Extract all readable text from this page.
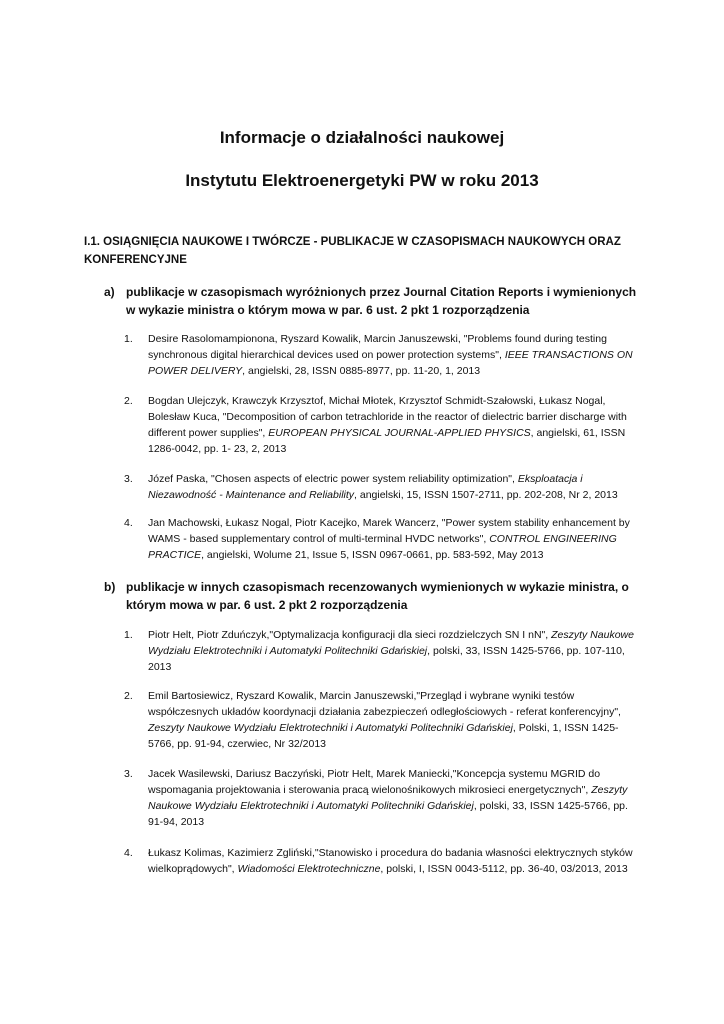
Informacje o działalności naukowej
Instytutu Elektroenergetyki PW w roku 2013
I.1. OSIĄGNIĘCIA NAUKOWE I TWÓRCZE - PUBLIKACJE W CZASOPISMACH NAUKOWYCH ORAZ KONFERENCYJNE
a) publikacje w czasopismach wyróżnionych przez Journal Citation Reports i wymienionych w wykazie ministra o którym mowa w par. 6 ust. 2 pkt 1 rozporządzenia
1. Desire Rasolomampionona, Ryszard Kowalik, Marcin Januszewski, "Problems found during testing synchronous digital hierarchical devices used on power protection systems", IEEE TRANSACTIONS ON POWER DELIVERY, angielski, 28, ISSN 0885-8977, pp. 11-20, 1, 2013
2. Bogdan Ulejczyk, Krawczyk Krzysztof, Michał Młotek, Krzysztof Schmidt-Szałowski, Łukasz Nogal, Bolesław Kuca, "Decomposition of carbon tetrachloride in the reactor of dielectric barrier discharge with different power supplies", EUROPEAN PHYSICAL JOURNAL-APPLIED PHYSICS, angielski, 61, ISSN 1286-0042, pp. 1- 23, 2, 2013
3. Józef Paska, "Chosen aspects of electric power system reliability optimization", Eksploatacja i Niezawodność - Maintenance and Reliability, angielski, 15, ISSN 1507-2711, pp. 202-208, Nr 2, 2013
4. Jan Machowski, Łukasz Nogal, Piotr Kacejko, Marek Wancerz, "Power system stability enhancement by WAMS - based supplementary control of multi-terminal HVDC networks", CONTROL ENGINEERING PRACTICE, angielski, Wolume 21, Issue 5, ISSN 0967-0661, pp. 583-592, May 2013
b) publikacje w innych czasopismach recenzowanych wymienionych w wykazie ministra, o którym mowa w par. 6 ust. 2 pkt 2 rozporządzenia
1. Piotr Helt, Piotr Zduńczyk,"Optymalizacja konfiguracji dla sieci rozdzielczych SN I nN", Zeszyty Naukowe Wydziału Elektrotechniki i Automatyki Politechniki Gdańskiej, polski, 33, ISSN 1425-5766, pp. 107-110, 2013
2. Emil Bartosiewicz, Ryszard Kowalik, Marcin Januszewski,"Przegląd i wybrane wyniki testów współczesnych układów koordynacji działania zabezpieczeń odległościowych - referat konferencyjny", Zeszyty Naukowe Wydziału Elektrotechniki i Automatyki Politechniki Gdańskiej, Polski, 1, ISSN 1425-5766, pp. 91-94, czerwiec, Nr 32/2013
3. Jacek Wasilewski, Dariusz Baczyński, Piotr Helt, Marek Maniecki,"Koncepcja systemu MGRID do wspomagania projektowania i sterowania pracą wielonośnikowych mikrosieci energetycznych", Zeszyty Naukowe Wydziału Elektrotechniki i Automatyki Politechniki Gdańskiej, polski, 33, ISSN 1425-5766, pp. 91-94, 2013
4. Łukasz Kolimas, Kazimierz Zgliński,"Stanowisko i procedura do badania własności elektrycznych styków wielkoprądowych", Wiadomości Elektrotechniczne, polski, I, ISSN 0043-5112, pp. 36-40, 03/2013, 2013
